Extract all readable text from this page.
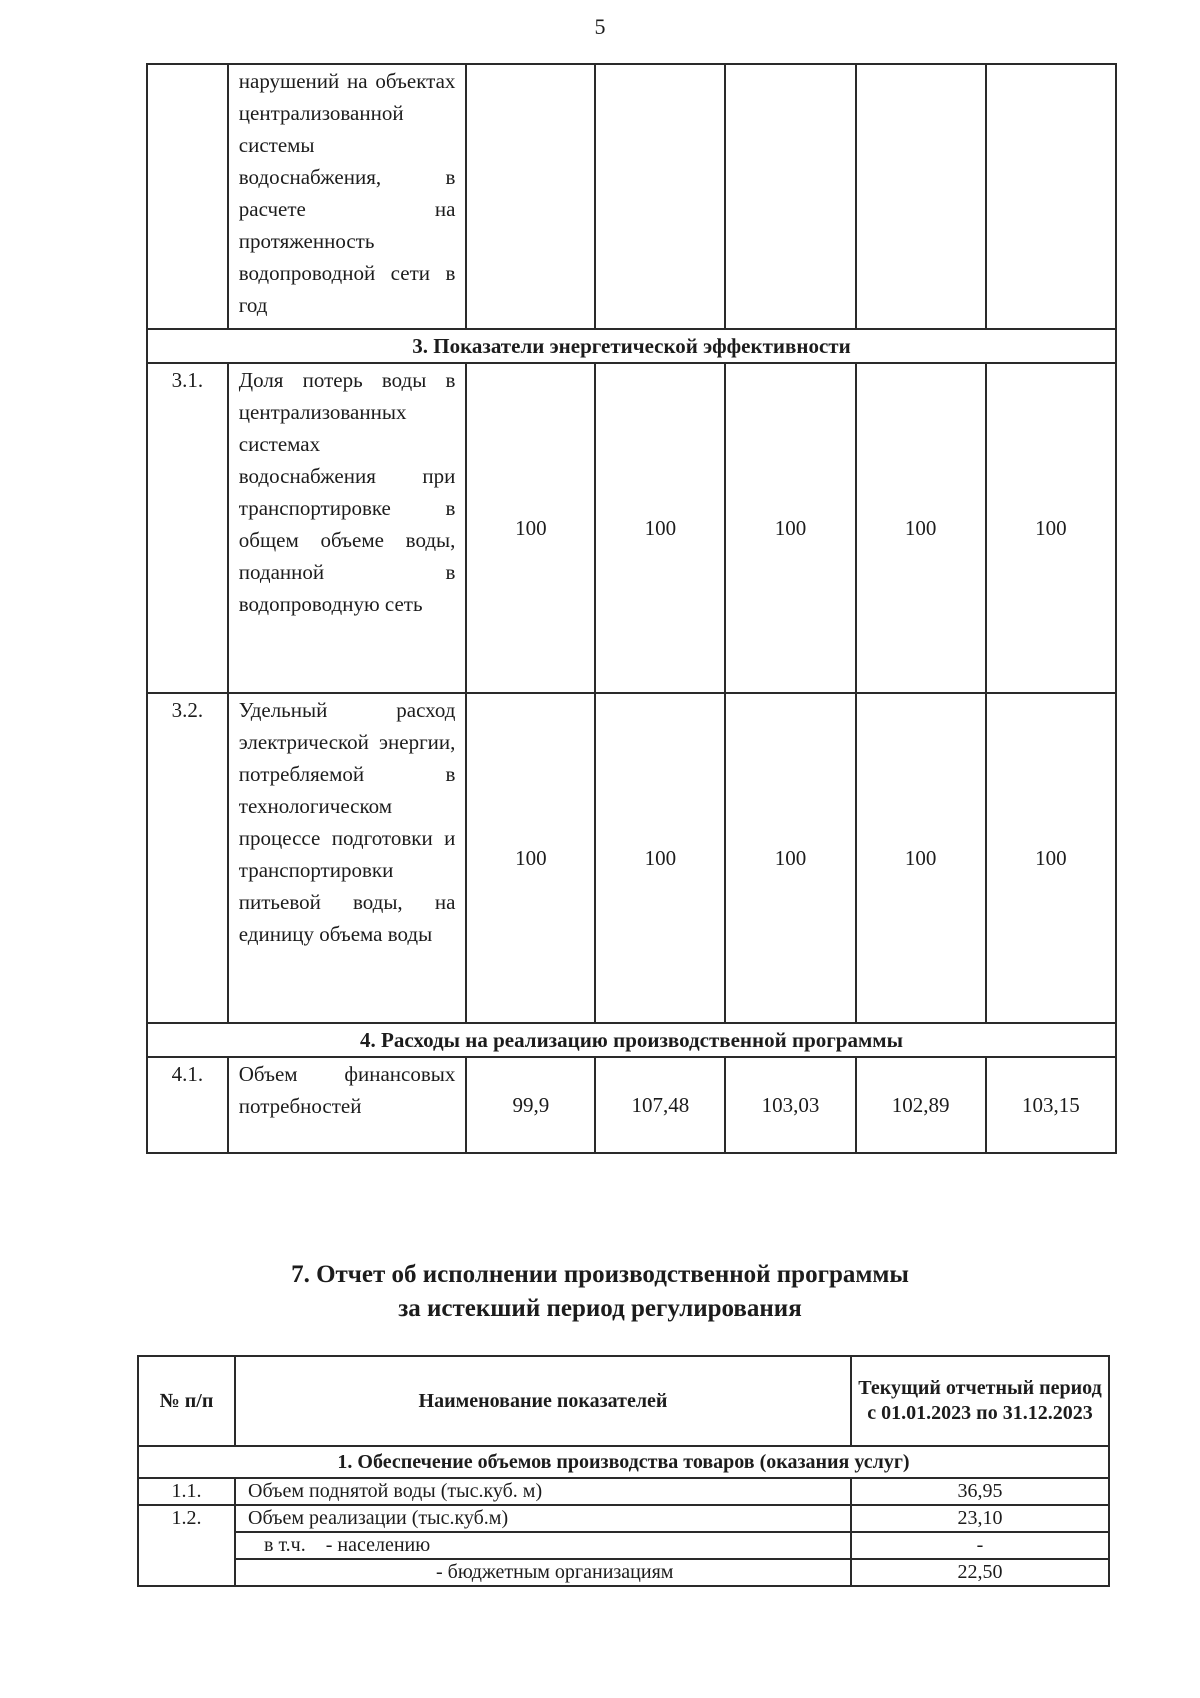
5
	нарушений на объектах централизованной системы водоснабжения, в расчете на протяженность водопроводной сети в год					
3. Показатели энергетической эффективности						
3.1.	Доля потерь воды в централизованных системах водоснабжения при транспортировке в общем объеме воды, поданной в водопроводную сеть	100	100	100	100	100
3.2.	Удельный расход электрической энергии, потребляемой в технологическом процессе подготовки и транспортировки питьевой воды, на единицу объема воды	100	100	100	100	100
4. Расходы на реализацию производственной программы						
4.1.	Объем финансовых потребностей	99,9	107,48	103,03	102,89	103,15
7. Отчет об исполнении производственной программы
за истекший период регулирования
№ п/п	Наименование показателей	Текущий отчетный период с 01.01.2023 по 31.12.2023
1. Обеспечение объемов производства товаров (оказания услуг)		
1.1.	Объем поднятой воды (тыс.куб. м)	36,95
1.2.	Объем реализации (тыс.куб.м)	23,10
	в т.ч.    - населению	-
	- бюджетным организациям	22,50
